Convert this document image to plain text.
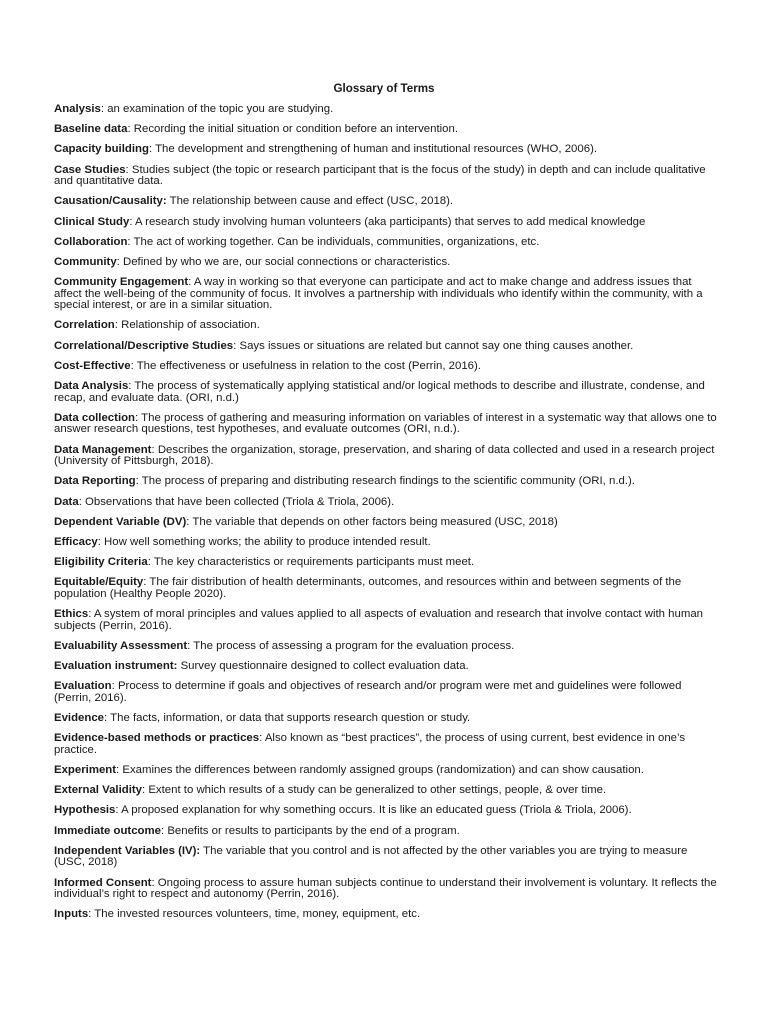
Glossary of Terms
Analysis: an examination of the topic you are studying.
Baseline data: Recording the initial situation or condition before an intervention.
Capacity building: The development and strengthening of human and institutional resources (WHO, 2006).
Case Studies: Studies subject (the topic or research participant that is the focus of the study) in depth and can include qualitative and quantitative data.
Causation/Causality: The relationship between cause and effect (USC, 2018).
Clinical Study: A research study involving human volunteers (aka participants) that serves to add medical knowledge
Collaboration: The act of working together. Can be individuals, communities, organizations, etc.
Community: Defined by who we are, our social connections or characteristics.
Community Engagement: A way in working so that everyone can participate and act to make change and address issues that affect the well-being of the community of focus. It involves a partnership with individuals who identify within the community, with a special interest, or are in a similar situation.
Correlation: Relationship of association.
Correlational/Descriptive Studies: Says issues or situations are related but cannot say one thing causes another.
Cost-Effective: The effectiveness or usefulness in relation to the cost (Perrin, 2016).
Data Analysis: The process of systematically applying statistical and/or logical methods to describe and illustrate, condense, and recap, and evaluate data. (ORI, n.d.)
Data collection: The process of gathering and measuring information on variables of interest in a systematic way that allows one to answer research questions, test hypotheses, and evaluate outcomes (ORI, n.d.).
Data Management: Describes the organization, storage, preservation, and sharing of data collected and used in a research project (University of Pittsburgh, 2018).
Data Reporting: The process of preparing and distributing research findings to the scientific community (ORI, n.d.).
Data: Observations that have been collected (Triola & Triola, 2006).
Dependent Variable (DV): The variable that depends on other factors being measured (USC, 2018)
Efficacy: How well something works; the ability to produce intended result.
Eligibility Criteria: The key characteristics or requirements participants must meet.
Equitable/Equity: The fair distribution of health determinants, outcomes, and resources within and between segments of the population (Healthy People 2020).
Ethics: A system of moral principles and values applied to all aspects of evaluation and research that involve contact with human subjects (Perrin, 2016).
Evaluability Assessment: The process of assessing a program for the evaluation process.
Evaluation instrument: Survey questionnaire designed to collect evaluation data.
Evaluation: Process to determine if goals and objectives of research and/or program were met and guidelines were followed (Perrin, 2016).
Evidence: The facts, information, or data that supports research question or study.
Evidence-based methods or practices: Also known as “best practices”, the process of using current, best evidence in one’s practice.
Experiment: Examines the differences between randomly assigned groups (randomization) and can show causation.
External Validity: Extent to which results of a study can be generalized to other settings, people, & over time.
Hypothesis: A proposed explanation for why something occurs. It is like an educated guess (Triola & Triola, 2006).
Immediate outcome: Benefits or results to participants by the end of a program.
Independent Variables (IV): The variable that you control and is not affected by the other variables you are trying to measure (USC, 2018)
Informed Consent: Ongoing process to assure human subjects continue to understand their involvement is voluntary. It reflects the individual’s right to respect and autonomy (Perrin, 2016).
Inputs: The invested resources volunteers, time, money, equipment, etc.
